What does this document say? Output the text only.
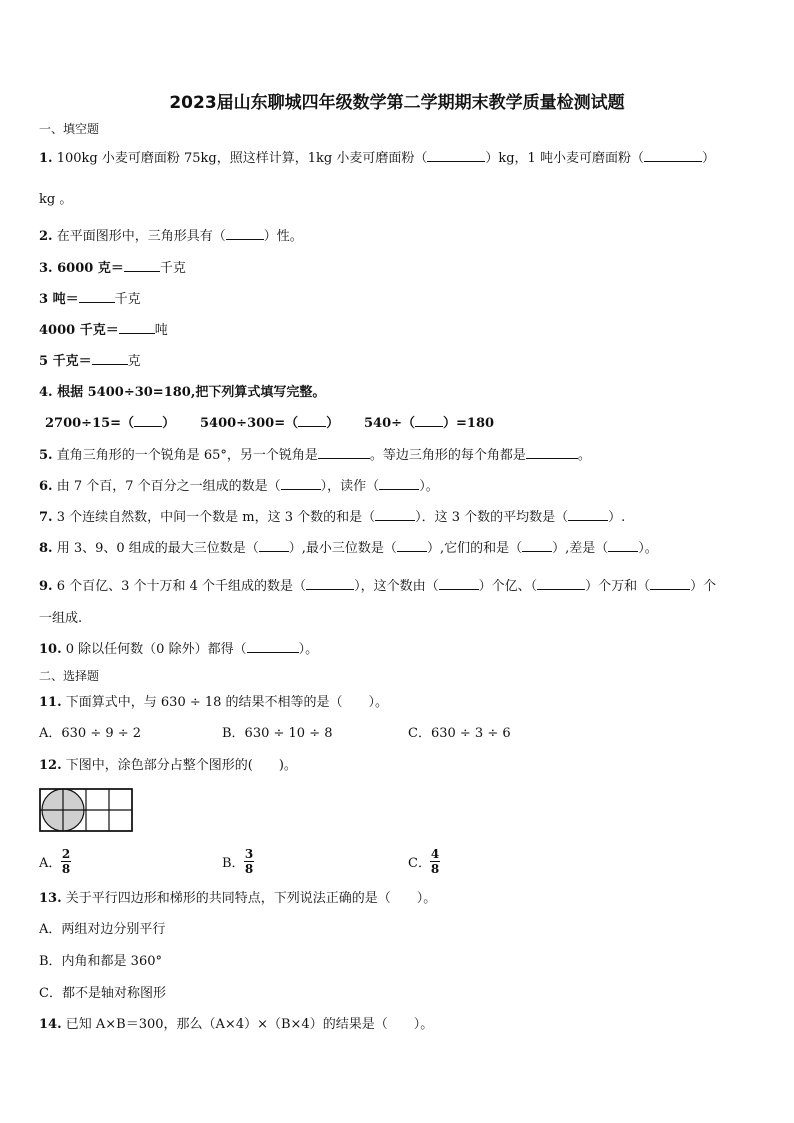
2023届山东聊城四年级数学第二学期期末教学质量检测试题
一、填空题
1. 100kg 小麦可磨面粉 75kg，照这样计算，1kg 小麦可磨面粉（	）kg，1 吨小麦可磨面粉（	）
kg 。
2. 在平面图形中，三角形具有（	）性。
3. 6000 克＝	千克
3 吨＝	千克
4000 千克＝	吨
5 千克＝	克
4. 根据 5400÷30=180,把下列算式填写完整。
2700÷15=（ ） 5400÷300=（ ） 540÷（ ）=180
5. 直角三角形的一个锐角是 65°，另一个锐角是	。等边三角形的每个角都是	。
6. 由 7 个百，7 个百分之一组成的数是（	），读作（	）。
7. 3 个连续自然数，中间一个数是 m，这 3 个数的和是（	）．这 3 个数的平均数是（	）.
8. 用 3、9、0 组成的最大三位数是（ ）,最小三位数是（ ）,它们的和是（ ）,差是（ ）。
9. 6 个百亿、3 个十万和 4 个千组成的数是（	），这个数由（	）个亿、（	）个万和（	）个
一组成.
10. 0 除以任何数（0 除外）都得（	）。
二、选择题
11. 下面算式中，与 630 ÷ 18 的结果不相等的是（　　）。
A．630 ÷ 9 ÷ 2	B．630 ÷ 10 ÷ 8	C．630 ÷ 3 ÷ 6
12. 下图中，涂色部分占整个图形的(　　)。
A．
2
8	B．
3
8	C．
4
8
13. 关于平行四边形和梯形的共同特点，下列说法正确的是（　　）。
A．两组对边分别平行
B．内角和都是 360°
C．都不是轴对称图形
14. 已知 A×B＝300，那么（A×4）×（B×4）的结果是（　　）。
